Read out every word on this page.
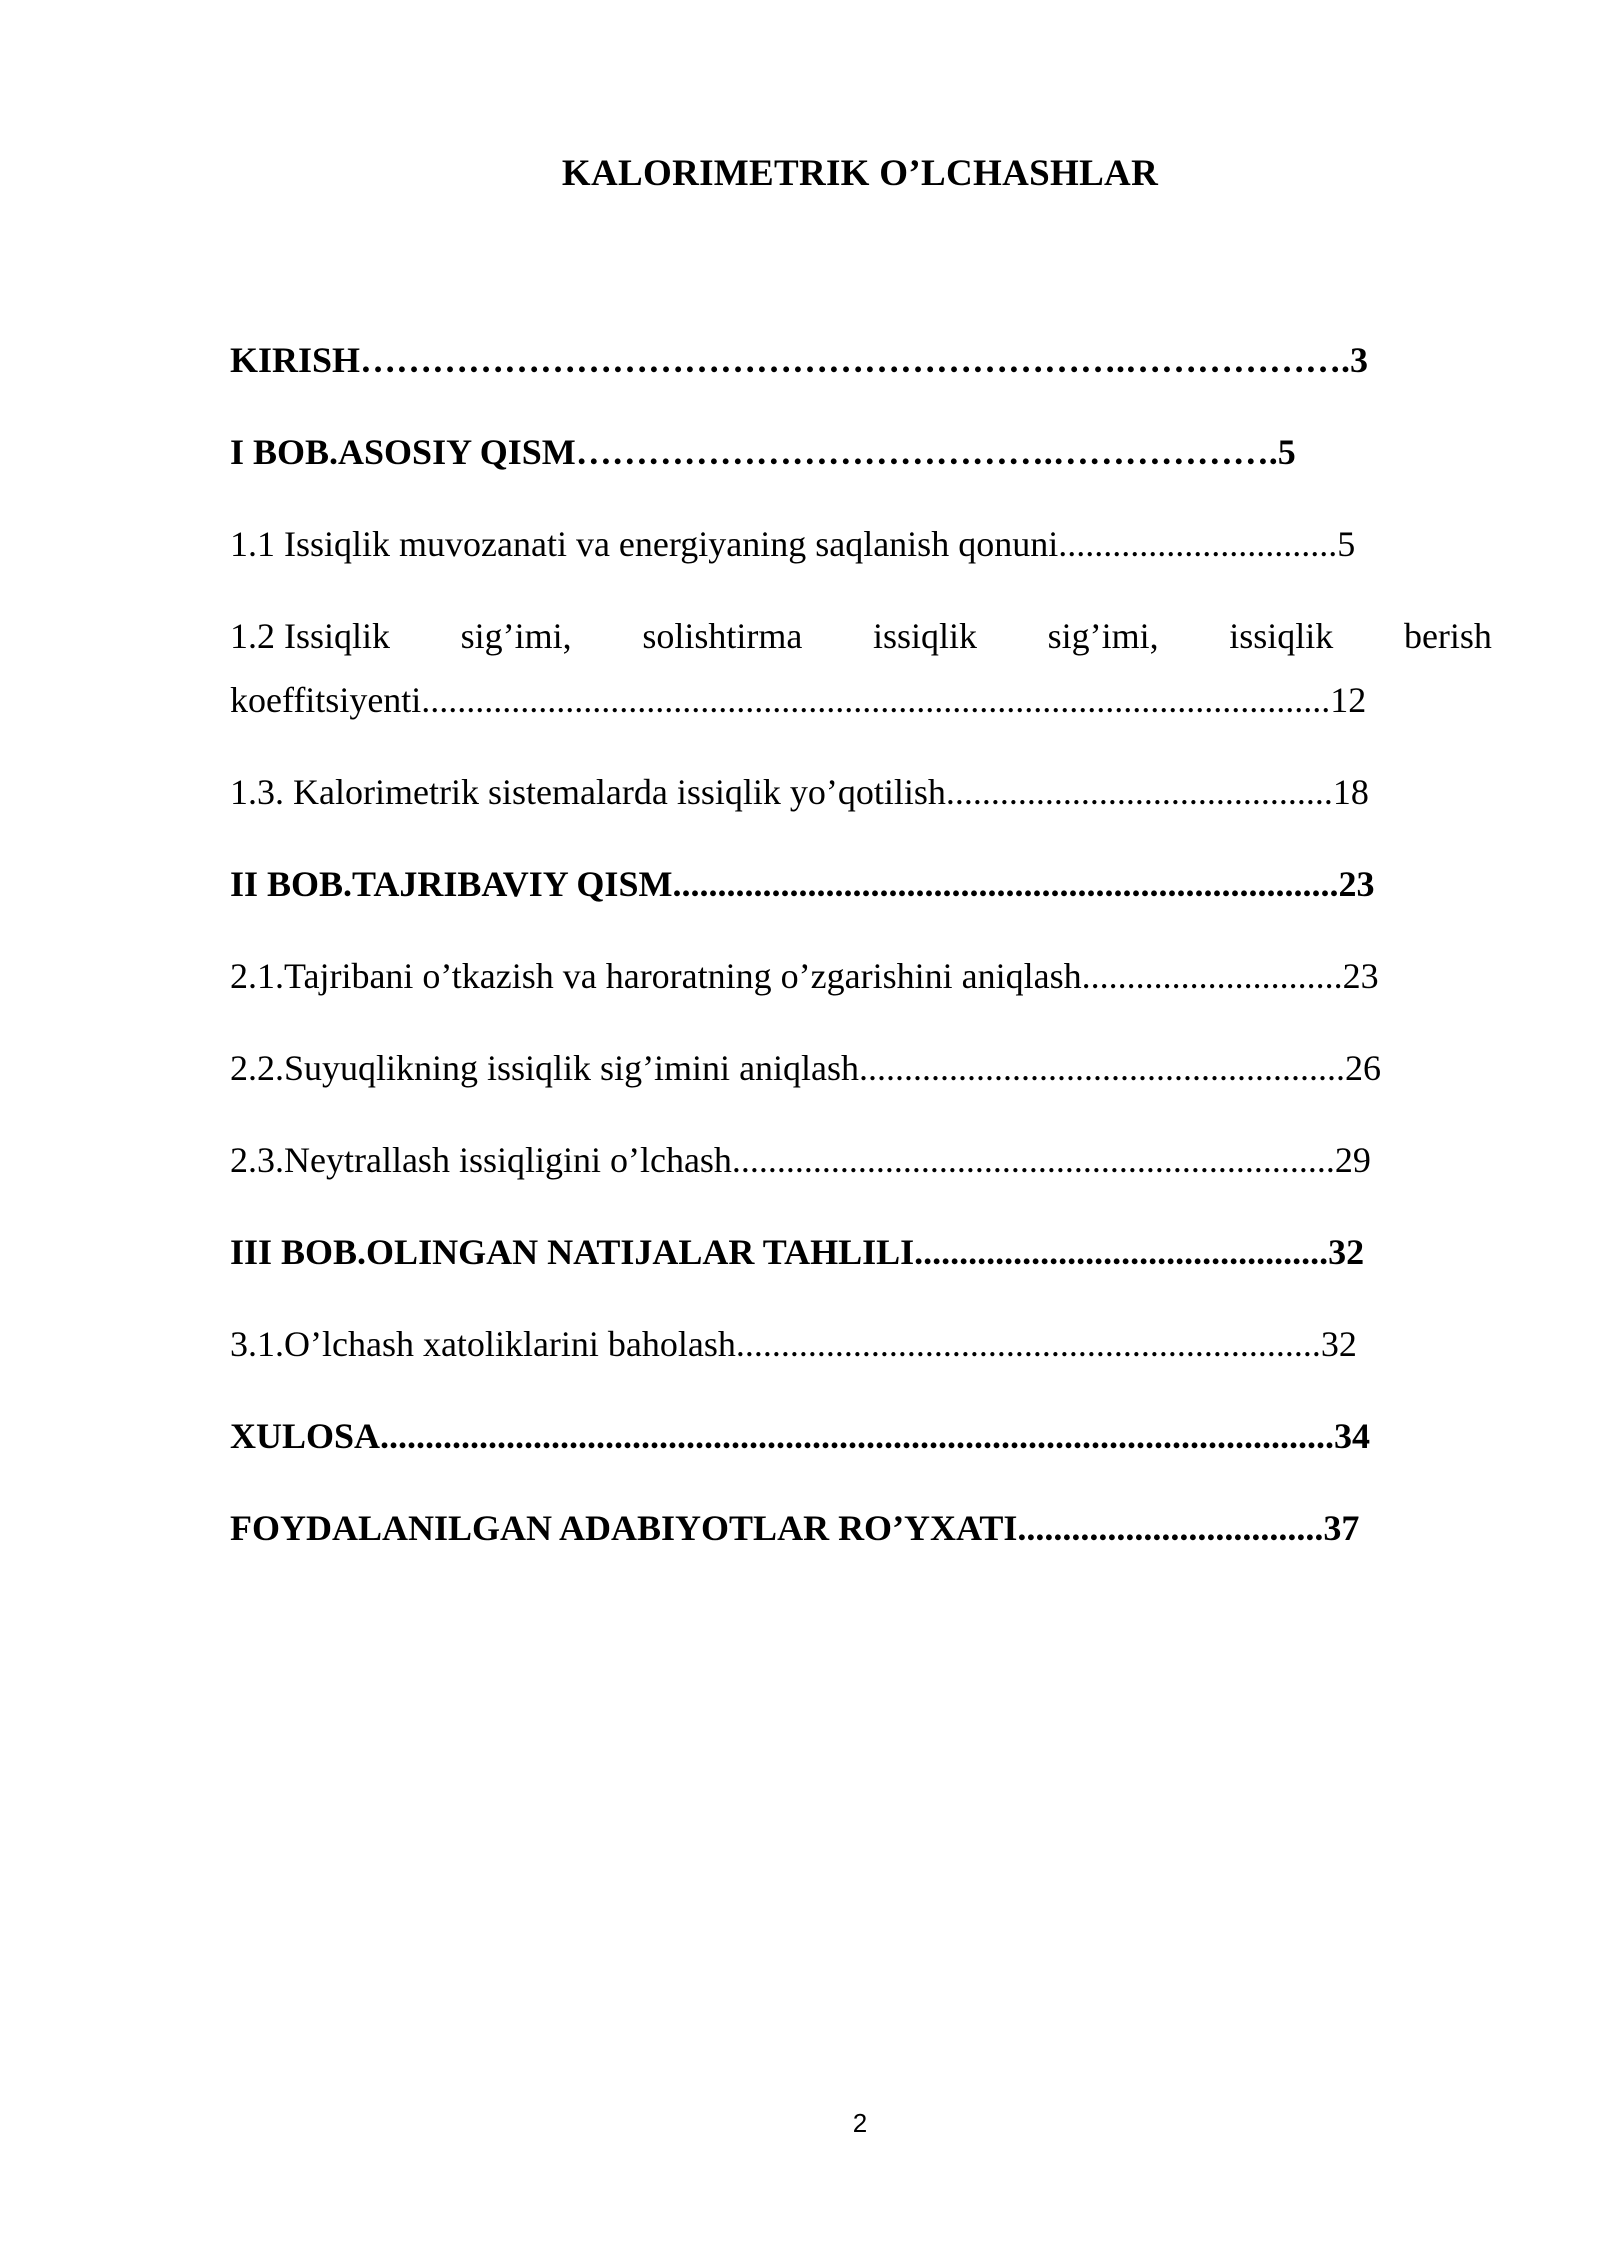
KALORIMETRIK O’LCHASHLAR
KIRISH……………………………………………………….……………….3
I BOB.ASOSIY QISM………………………………….……………….5
1.1 Issiqlik muvozanati va energiyaning saqlanish qonuni...............................5
1.2 Issiqlik sig’imi, solishtirma issiqlik sig’imi, issiqlik berish
koeffitsiyenti.....................................................................................................12
1.3. Kalorimetrik sistemalarda issiqlik yo’qotilish...........................................18
II BOB.TAJRIBAVIY QISM..........................................................................23
2.1.Tajribani o’tkazish va haroratning o’zgarishini aniqlash.............................23
2.2.Suyuqlikning issiqlik sig’imini aniqlash......................................................26
2.3.Neytrallash issiqligini o’lchash...................................................................29
III BOB.OLINGAN NATIJALAR TAHLILI..............................................32
3.1.O’lchash xatoliklarini baholash.................................................................32
XULOSA..........................................................................................................34
FOYDALANILGAN ADABIYOTLAR RO’YXATI..................................37
2
